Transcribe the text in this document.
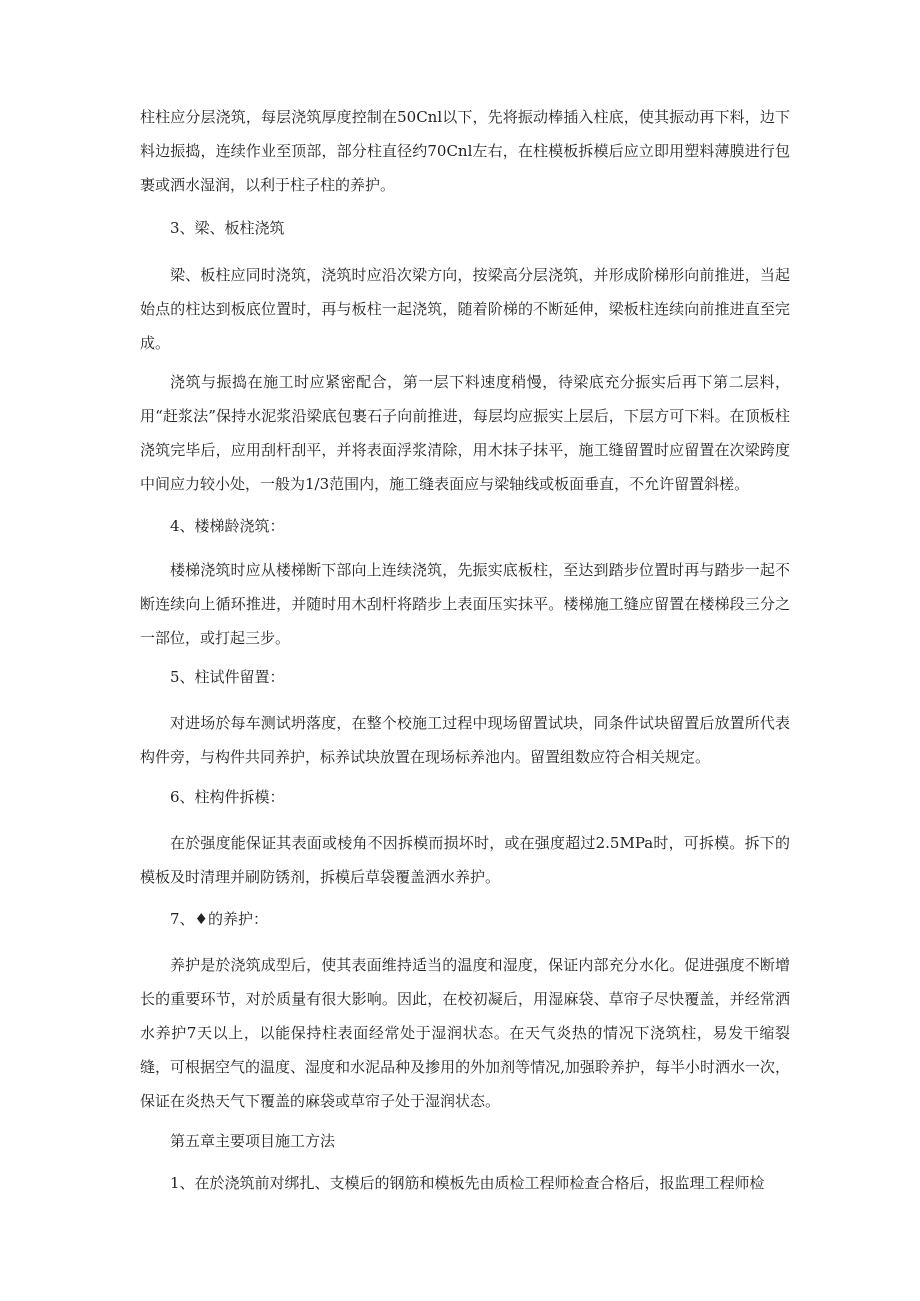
柱柱应分层浇筑，每层浇筑厚度控制在50Cnl以下，先将振动棒插入柱底，使其振动再下料，边下料边振捣，连续作业至顶部，部分柱直径约70Cnl左右，在柱模板拆模后应立即用塑料薄膜进行包裹或洒水湿润，以利于柱子柱的养护。

3、梁、板柱浇筑

梁、板柱应同时浇筑，浇筑时应沿次梁方向，按梁高分层浇筑，并形成阶梯形向前推进，当起始点的柱达到板底位置时，再与板柱一起浇筑，随着阶梯的不断延伸，梁板柱连续向前推进直至完成。

浇筑与振捣在施工时应紧密配合，第一层下料速度稍慢，待梁底充分振实后再下第二层料，用“赶浆法”保持水泥浆沿梁底包裹石子向前推进，每层均应振实上层后，下层方可下料。在顶板柱浇筑完毕后，应用刮杆刮平，并将表面浮浆清除，用木抹子抹平，施工缝留置时应留置在次梁跨度中间应力较小处，一般为1/3范围内，施工缝表面应与梁轴线或板面垂直，不允许留置斜槎。

4、楼梯龄浇筑：

楼梯浇筑时应从楼梯断下部向上连续浇筑，先振实底板柱，至达到踏步位置时再与踏步一起不断连续向上循环推进，并随时用木刮杆将踏步上表面压实抹平。楼梯施工缝应留置在楼梯段三分之一部位，或打起三步。

5、柱试件留置：

对进场於每车测试坍落度，在整个校施工过程中现场留置试块，同条件试块留置后放置所代表构件旁，与构件共同养护，标养试块放置在现场标养池内。留置组数应符合相关规定。

6、柱构件拆模：

在於强度能保证其表面或棱角不因拆模而损坏时，或在强度超过2.5MPa时，可拆模。拆下的模板及时清理并刷防锈剂，拆模后草袋覆盖洒水养护。

7、♦的养护：

养护是於浇筑成型后，使其表面维持适当的温度和湿度，保证内部充分水化。促进强度不断增长的重要环节，对於质量有很大影响。因此，在校初凝后，用湿麻袋、草帘子尽快覆盖，并经常洒水养护7天以上，以能保持柱表面经常处于湿润状态。在天气炎热的情况下浇筑柱，易发干缩裂缝，可根据空气的温度、湿度和水泥品种及掺用的外加剂等情况,加强聆养护，每半小时洒水一次，保证在炎热天气下覆盖的麻袋或草帘子处于湿润状态。

第五章主要项目施工方法

1、在於浇筑前对绑扎、支模后的钢筋和模板先由质检工程师检查合格后，报监理工程师检
